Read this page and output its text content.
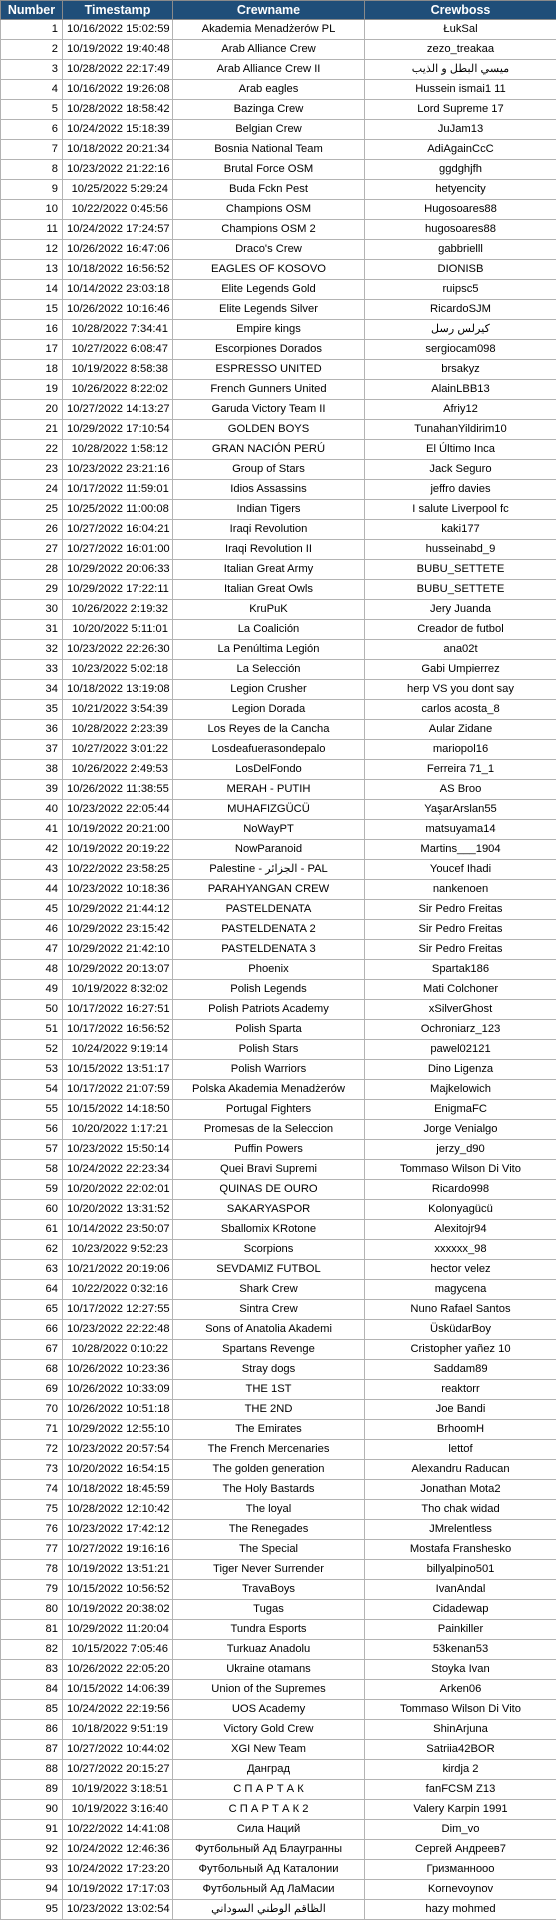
Number	Timestamp	Crewname	Crewboss
1	10/16/2022 15:02:59	Akademia Menadżerów PL	ŁukSal
2	10/19/2022 19:40:48	Arab Alliance Crew	zezo_treakaa
3	10/28/2022 22:17:49	Arab Alliance Crew II	ميسي البطل و الذيب
4	10/16/2022 19:26:08	Arab eagles	Hussein ismai1 11
5	10/28/2022 18:58:42	Bazinga Crew	Lord Supreme 17
6	10/24/2022 15:18:39	Belgian Crew	JuJam13
7	10/18/2022 20:21:34	Bosnia National Team	AdiAgainCcC
8	10/23/2022 21:22:16	Brutal Force OSM	ggdghjfh
9	10/25/2022 5:29:24	Buda Fckn Pest	hetyencity
10	10/22/2022 0:45:56	Champions OSM	Hugosoares88
11	10/24/2022 17:24:57	Champions OSM 2	hugosoares88
12	10/26/2022 16:47:06	Draco's Crew	gabbrielll
13	10/18/2022 16:56:52	EAGLES OF KOSOVO	DIONISB
14	10/14/2022 23:03:18	Elite Legends Gold	ruipsc5
15	10/26/2022 10:16:46	Elite Legends Silver	RicardoSJM
16	10/28/2022 7:34:41	Empire kings	كيرلس رسل
17	10/27/2022 6:08:47	Escorpiones Dorados	sergiocam098
18	10/19/2022 8:58:38	ESPRESSO UNITED	brsakyz
19	10/26/2022 8:22:02	French Gunners United	AlainLBB13
20	10/27/2022 14:13:27	Garuda Victory Team II	Afriy12
21	10/29/2022 17:10:54	GOLDEN BOYS	TunahanYildirim10
22	10/28/2022 1:58:12	GRAN NACIÓN PERÚ	El Último Inca
23	10/23/2022 23:21:16	Group of Stars	Jack Seguro
24	10/17/2022 11:59:01	Idios Assassins	jeffro davies
25	10/25/2022 11:00:08	Indian Tigers	I salute Liverpool fc
26	10/27/2022 16:04:21	Iraqi Revolution	kaki177
27	10/27/2022 16:01:00	Iraqi Revolution II	husseinabd_9
28	10/29/2022 20:06:33	Italian Great Army	BUBU_SETTETE
29	10/29/2022 17:22:11	Italian Great Owls	BUBU_SETTETE
30	10/26/2022 2:19:32	KruPuK	Jery Juanda
31	10/20/2022 5:11:01	La Coalición	Creador de futbol
32	10/23/2022 22:26:30	La Penúltima Legión	ana02t
33	10/23/2022 5:02:18	La Selección	Gabi Umpierrez
34	10/18/2022 13:19:08	Legion Crusher	herp VS you dont say
35	10/21/2022 3:54:39	Legion Dorada	carlos acosta_8
36	10/28/2022 2:23:39	Los Reyes de la Cancha	Aular Zidane
37	10/27/2022 3:01:22	Losdeafuerasondepalo	mariopol16
38	10/26/2022 2:49:53	LosDelFondo	Ferreira 71_1
39	10/26/2022 11:38:55	MERAH - PUTIH	AS Broo
40	10/23/2022 22:05:44	MUHAFIZGÜCÜ	YaşarArslan55
41	10/19/2022 20:21:00	NoWayPT	matsuyama14
42	10/19/2022 20:19:22	NowParanoid	Martins___1904
43	10/22/2022 23:58:25	Palestine - الجزائر - PAL	Youcef Ihadi
44	10/23/2022 10:18:36	PARAHYANGAN CREW	nankenoen
45	10/29/2022 21:44:12	PASTELDENATA	Sir Pedro Freitas
46	10/29/2022 23:15:42	PASTELDENATA 2	Sir Pedro Freitas
47	10/29/2022 21:42:10	PASTELDENATA 3	Sir Pedro Freitas
48	10/29/2022 20:13:07	Phoenix	Spartak186
49	10/19/2022 8:32:02	Polish Legends	Mati Colchoner
50	10/17/2022 16:27:51	Polish Patriots Academy	xSilverGhost
51	10/17/2022 16:56:52	Polish Sparta	Ochroniarz_123
52	10/24/2022 9:19:14	Polish Stars	pawel02121
53	10/15/2022 13:51:17	Polish Warriors	Dino Ligenza
54	10/17/2022 21:07:59	Polska Akademia Menadżerów	Majkelowich
55	10/15/2022 14:18:50	Portugal Fighters	EnigmaFC
56	10/20/2022 1:17:21	Promesas de la Seleccion	Jorge Venialgo
57	10/23/2022 15:50:14	Puffin Powers	jerzy_d90
58	10/24/2022 22:23:34	Quei Bravi Supremi	Tommaso Wilson Di Vito
59	10/20/2022 22:02:01	QUINAS DE OURO	Ricardo998
60	10/20/2022 13:31:52	SAKARYASPOR	Kolonyagücü
61	10/14/2022 23:50:07	Sballomix KRotone	Alexitojr94
62	10/23/2022 9:52:23	Scorpions	xxxxxx_98
63	10/21/2022 20:19:06	SEVDAMIZ FUTBOL	hector velez
64	10/22/2022 0:32:16	Shark Crew	magycena
65	10/17/2022 12:27:55	Sintra Crew	Nuno Rafael Santos
66	10/23/2022 22:22:48	Sons of Anatolia Akademi	ÜsküdarBoy
67	10/28/2022 0:10:22	Spartans Revenge	Cristopher yañez 10
68	10/26/2022 10:23:36	Stray dogs	Saddam89
69	10/26/2022 10:33:09	THE 1ST	reaktorr
70	10/26/2022 10:51:18	THE 2ND	Joe Bandi
71	10/29/2022 12:55:10	The Emirates	BrhoomH
72	10/23/2022 20:57:54	The French Mercenaries	lettof
73	10/20/2022 16:54:15	The golden generation	Alexandru Raducan
74	10/18/2022 18:45:59	The Holy Bastards	Jonathan Mota2
75	10/28/2022 12:10:42	The loyal	Tho chak widad
76	10/23/2022 17:42:12	The Renegades	JMrelentless
77	10/27/2022 19:16:16	The Special	Mostafa Franshesko
78	10/19/2022 13:51:21	Tiger Never Surrender	billyalpino501
79	10/15/2022 10:56:52	TravaBoys	IvanAndal
80	10/19/2022 20:38:02	Tugas	Cidadewap
81	10/29/2022 11:20:04	Tundra Esports	Painkiller
82	10/15/2022 7:05:46	Turkuaz Anadolu	53kenan53
83	10/26/2022 22:05:20	Ukraine otamans	Stoyka Ivan
84	10/15/2022 14:06:39	Union of the Supremes	Arken06
85	10/24/2022 22:19:56	UOS Academy	Tommaso Wilson Di Vito
86	10/18/2022 9:51:19	Victory Gold Crew	ShinArjuna
87	10/27/2022 10:44:02	XGI New Team	Satriia42BOR
88	10/27/2022 20:15:27	Данград	kirdja 2
89	10/19/2022 3:18:51	С П А Р Т А К	fanFCSM Z13
90	10/19/2022 3:16:40	С П А Р Т А К 2	Valery Karpin 1991
91	10/22/2022 14:41:08	Сила Наций	Dim_vo
92	10/24/2022 12:46:36	Футбольный Ад Блаугранны	Сергей Андреев7
93	10/24/2022 17:23:20	Футбольный Ад Каталонии	Гризманнооо
94	10/19/2022 17:17:03	Футбольный Ад ЛаМасии	Kornevoynov
95	10/23/2022 13:02:54	الظاقم الوطني السوداني	hazy mohmed
